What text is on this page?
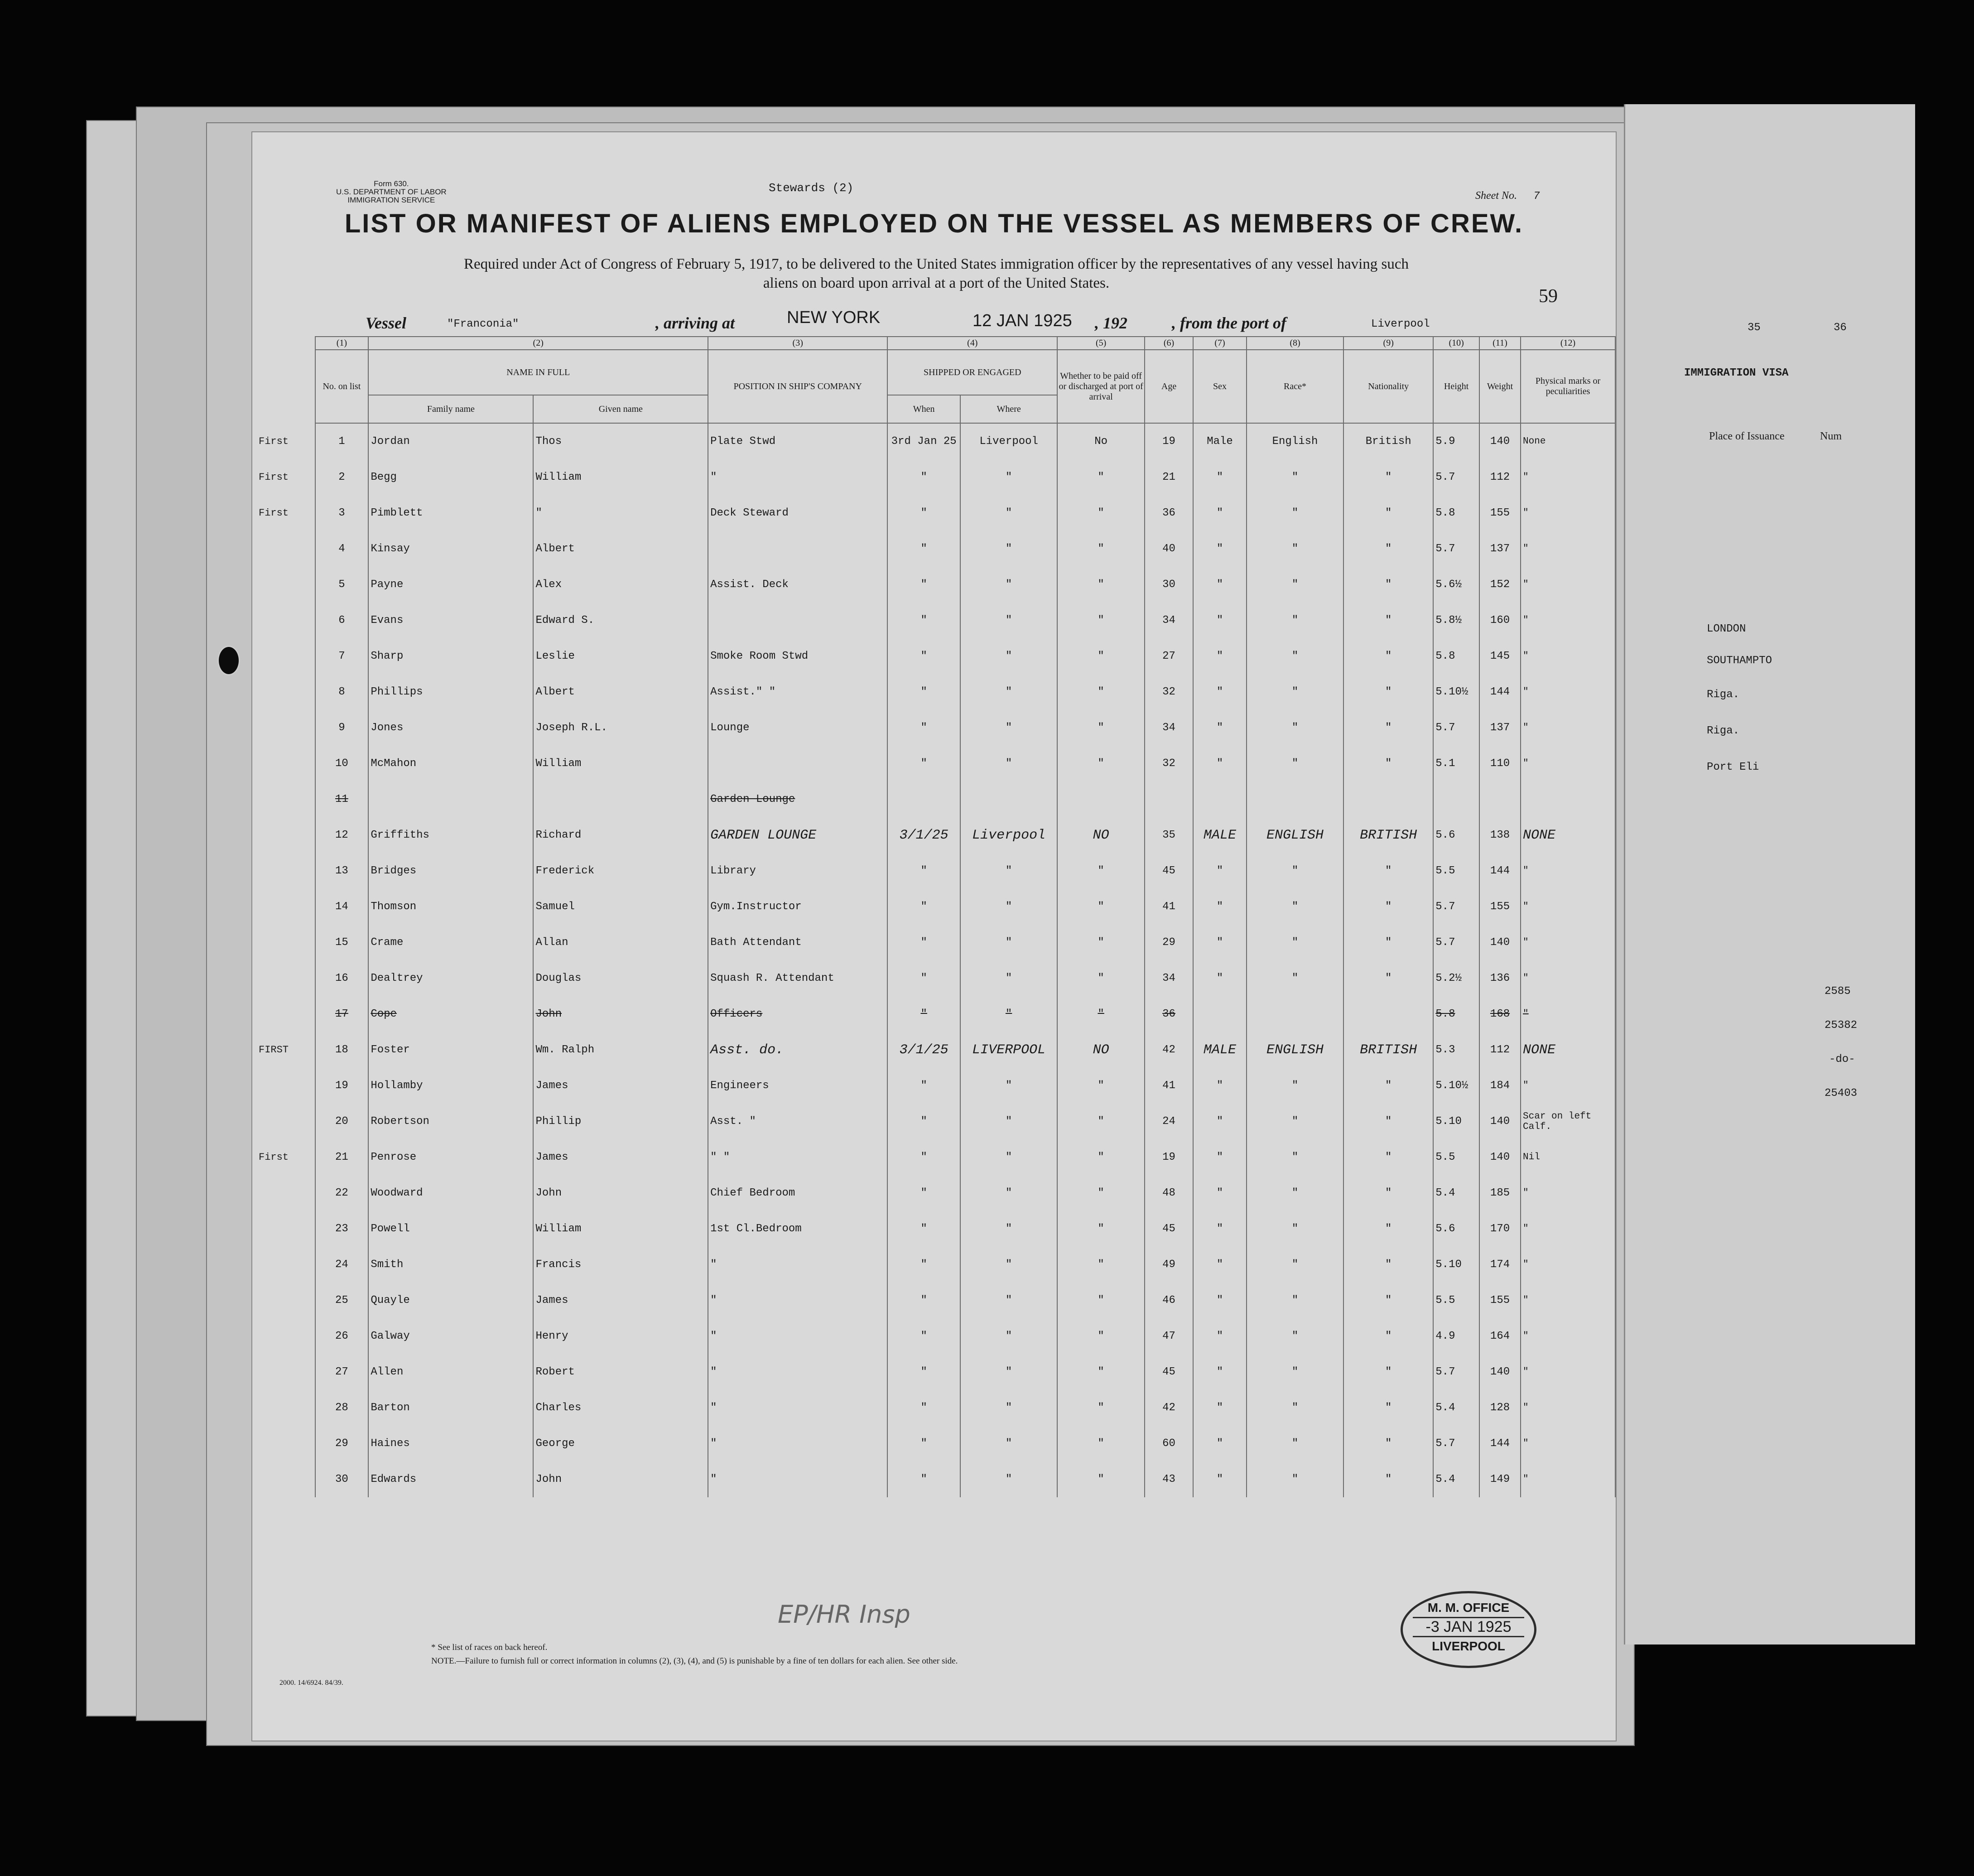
35	36
IMMIGRATION VISA
Place of Issuance	Num
LONDON
SOUTHAMPTO
Riga.
Riga.
Port Eli
2585
25382
-do-
25403
Form 630.
U.S. DEPARTMENT OF LABOR
IMMIGRATION SERVICE
Stewards (2)
Sheet No. 7
LIST OR MANIFEST OF ALIENS EMPLOYED ON THE VESSEL AS MEMBERS OF CREW.
Required under Act of Congress of February 5, 1917, to be delivered to the United States immigration officer by the representatives of any vessel having such
aliens on board upon arrival at a port of the United States.
59
Vessel	"Franconia"	, arriving at	NEW YORK	12 JAN 1925 , 192	, from the port of	Liverpool
	(1)	(2)		(3)	(4)		(5)	(6)	(7)	(8)	(9)	(10)	(11)	(12)
	No. on list	NAME IN FULL		POSITION IN SHIP'S COMPANY	SHIPPED OR ENGAGED		Whether to be paid off or discharged at port of arrival	Age	Sex	Race*	Nationality	Height	Weight	Physical marks or peculiarities
		Family name	Given name		When	Where								
First	1	Jordan	Thos	Plate Stwd	3rd Jan 25	Liverpool	No	19	Male	English	British	5.9	140	None
First	2	Begg	William	"	"	"	"	21	"	"	"	5.7	112	"
First	3	Pimblett	"	Deck Steward	"	"	"	36	"	"	"	5.8	155	"
	4	Kinsay	Albert		"	"	"	40	"	"	"	5.7	137	"
	5	Payne	Alex	Assist. Deck	"	"	"	30	"	"	"	5.6½	152	"
	6	Evans	Edward S.		"	"	"	34	"	"	"	5.8½	160	"
	7	Sharp	Leslie	Smoke Room Stwd	"	"	"	27	"	"	"	5.8	145	"
	8	Phillips	Albert	Assist." "	"	"	"	32	"	"	"	5.10½	144	"
	9	Jones	Joseph R.L.	Lounge	"	"	"	34	"	"	"	5.7	137	"
	10	McMahon	William		"	"	"	32	"	"	"	5.1	110	"
	11			Garden Lounge										
	12	Griffiths	Richard	GARDEN LOUNGE	3/1/25	Liverpool	NO	35	MALE	ENGLISH	BRITISH	5.6	138	NONE
	13	Bridges	Frederick	Library	"	"	"	45	"	"	"	5.5	144	"
	14	Thomson	Samuel	Gym.Instructor	"	"	"	41	"	"	"	5.7	155	"
	15	Crame	Allan	Bath Attendant	"	"	"	29	"	"	"	5.7	140	"
	16	Dealtrey	Douglas	Squash R. Attendant	"	"	"	34	"	"	"	5.2½	136	"
	17	Cope	John	Officers	"	"	"	36				5.8	168	"
FIRST	18	Foster	Wm. Ralph	Asst. do.	3/1/25	LIVERPOOL	NO	42	MALE	ENGLISH	BRITISH	5.3	112	NONE
	19	Hollamby	James	Engineers	"	"	"	41	"	"	"	5.10½	184	"
	20	Robertson	Phillip	Asst. "	"	"	"	24	"	"	"	5.10	140	Scar on left Calf.
First	21	Penrose	James	" "	"	"	"	19	"	"	"	5.5	140	Nil
	22	Woodward	John	Chief Bedroom	"	"	"	48	"	"	"	5.4	185	"
	23	Powell	William	1st Cl.Bedroom	"	"	"	45	"	"	"	5.6	170	"
	24	Smith	Francis	"	"	"	"	49	"	"	"	5.10	174	"
	25	Quayle	James	"	"	"	"	46	"	"	"	5.5	155	"
	26	Galway	Henry	"	"	"	"	47	"	"	"	4.9	164	"
	27	Allen	Robert	"	"	"	"	45	"	"	"	5.7	140	"
	28	Barton	Charles	"	"	"	"	42	"	"	"	5.4	128	"
	29	Haines	George	"	"	"	"	60	"	"	"	5.7	144	"
	30	Edwards	John	"	"	"	"	43	"	"	"	5.4	149	"
EP/HR Insp	M. M. OFFICE
-3 JAN 1925
LIVERPOOL
* See list of races on back hereof.
NOTE.—Failure to furnish full or correct information in columns (2), (3), (4), and (5) is punishable by a fine of ten dollars for each alien. See other side.
2000. 14/6924. 84/39.
